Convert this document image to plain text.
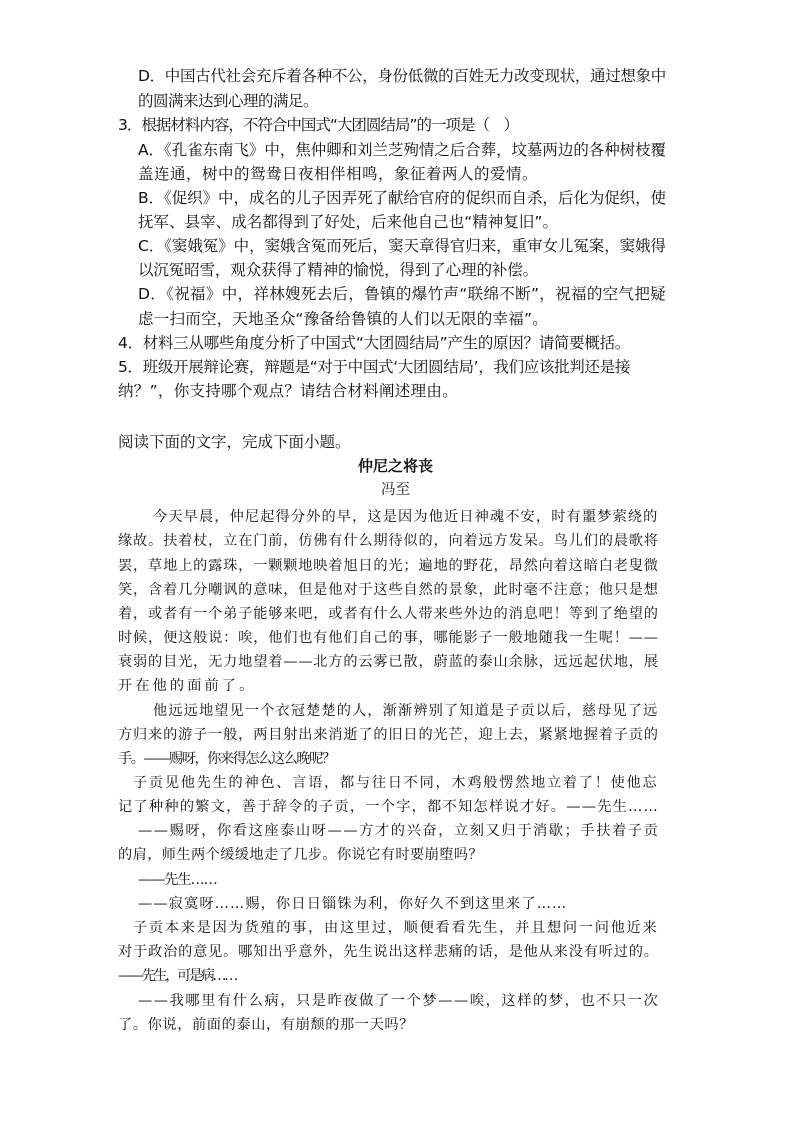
D．中国古代社会充斥着各种不公，身份低微的百姓无力改变现状，通过想象中
的圆满来达到心理的满足。
3．根据材料内容，不符合中国式“大团圆结局”的一项是（　）
A．《孔雀东南飞》中，焦仲卿和刘兰芝殉情之后合葬，坟墓两边的各种树枝覆
盖连通，树中的鸳鸯日夜相伴相鸣，象征着两人的爱情。
B．《促织》中，成名的儿子因弄死了献给官府的促织而自杀，后化为促织，使
抚军、县宰、成名都得到了好处，后来他自己也“精神复旧”。
C．《窦娥冤》中，窦娥含冤而死后，窦天章得官归来，重审女儿冤案，窦娥得
以沉冤昭雪，观众获得了精神的愉悦，得到了心理的补偿。
D．《祝福》中，祥林嫂死去后，鲁镇的爆竹声“联绵不断”，祝福的空气把疑
虑一扫而空，天地圣众“豫备给鲁镇的人们以无限的幸福”。
4．材料三从哪些角度分析了中国式“大团圆结局”产生的原因？请简要概括。
5．班级开展辩论赛，辩题是“对于中国式‘大团圆结局’，我们应该批判还是接
纳？”，你支持哪个观点？请结合材料阐述理由。
阅读下面的文字，完成下面小题。
仲尼之将丧
冯至
今天早晨，仲尼起得分外的早，这是因为他近日神魂不安，时有噩梦萦绕的
缘故。扶着杖，立在门前，仿佛有什么期待似的，向着远方发呆。鸟儿们的晨歌将
罢，草地上的露珠，一颗颗地映着旭日的光；遍地的野花，昂然向着这暗白老叟微
笑，含着几分嘲讽的意味，但是他对于这些自然的景象，此时毫不注意；他只是想
着，或者有一个弟子能够来吧，或者有什么人带来些外边的消息吧！等到了绝望的
时候，便这般说：唉，他们也有他们自己的事，哪能影子一般地随我一生呢！——
衰弱的目光，无力地望着——北方的云雾已散，蔚蓝的泰山余脉，远远起伏地，展
开在他的面前了。
他远远地望见一个衣冠楚楚的人，渐渐辨别了知道是子贡以后，慈母见了远
方归来的游子一般，两目射出来消逝了的旧日的光芒，迎上去，紧紧地握着子贡的
手。——赐呀，你来得怎么这么晚呢？
子贡见他先生的神色、言语，都与往日不同，木鸡般愣然地立着了！使他忘
记了种种的繁文，善于辞令的子贡，一个字，都不知怎样说才好。——先生……
——赐呀，你看这座泰山呀——方才的兴奋，立刻又归于消歇；手扶着子贡
的肩，师生两个缓缓地走了几步。你说它有时要崩堕吗？
——先生……
——寂寞呀……赐，你日日锱铢为利，你好久不到这里来了……
子贡本来是因为货殖的事，由这里过，顺便看看先生，并且想问一问他近来
对于政治的意见。哪知出乎意外，先生说出这样悲痛的话，是他从来没有听过的。
——先生，可是病……
——我哪里有什么病，只是昨夜做了一个梦——唉，这样的梦，也不只一次
了。你说，前面的泰山，有崩颓的那一天吗？
